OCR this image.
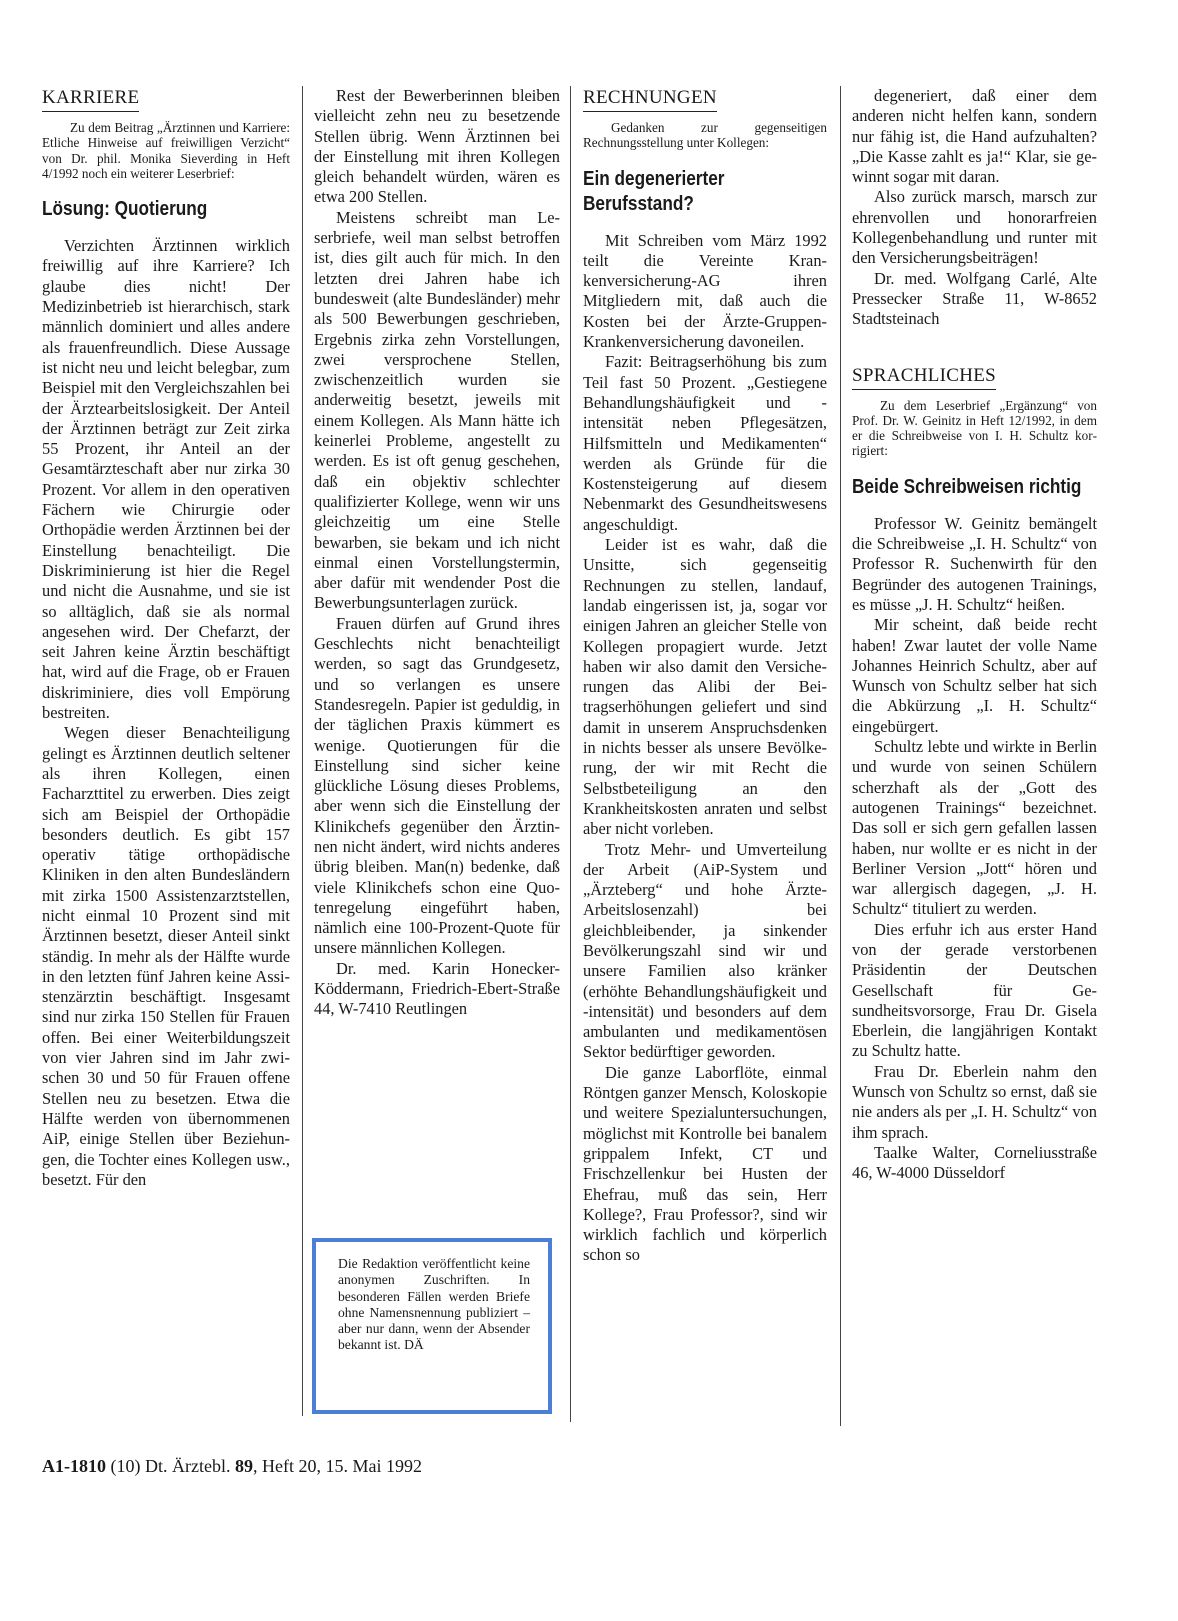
KARRIERE

Zu dem Beitrag „Ärztinnen und Karriere: Etliche Hinweise auf freiwilligen Verzicht“ von Dr. phil. Monika Sieverding in Heft 4/1992 noch ein weiterer Leserbrief:

Lösung: Quotierung

Verzichten Ärztinnen wirklich freiwillig auf ihre Karriere? Ich glaube dies nicht! Der Medizinbetrieb ist hierarchisch, stark männlich dominiert und alles andere als frauenfreundlich. Diese Aussage ist nicht neu und leicht belegbar, zum Beispiel mit den Vergleichszahlen bei der Ärztearbeitslosigkeit. Der Anteil der Ärztinnen beträgt zur Zeit zirka 55 Prozent, ihr Anteil an der Gesamtärzteschaft aber nur zirka 30 Prozent. Vor allem in den operativen Fächern wie Chirurgie oder Orthopädie werden Ärztinnen bei der Einstellung benachteiligt. Die Diskriminierung ist hier die Regel und nicht die Ausnahme, und sie ist so alltäglich, daß sie als normal angesehen wird. Der Chefarzt, der seit Jahren keine Ärztin beschäftigt hat, wird auf die Frage, ob er Frauen diskriminiere, dies voll Empörung bestreiten.

Wegen dieser Benachteiligung gelingt es Ärztinnen deutlich seltener als ihren Kollegen, einen Facharzttitel zu erwerben. Dies zeigt sich am Beispiel der Orthopädie besonders deutlich. Es gibt 157 operativ tätige orthopädische Kliniken in den alten Bundesländern mit zirka 1500 Assistenzarztstellen, nicht einmal 10 Prozent sind mit Ärztinnen besetzt, dieser Anteil sinkt ständig. In mehr als der Hälfte wurde in den letzten fünf Jahren keine Assistenzärztin beschäftigt. Insgesamt sind nur zirka 150 Stellen für Frauen offen. Bei einer Weiterbildungszeit von vier Jahren sind im Jahr zwischen 30 und 50 für Frauen offene Stellen neu zu besetzen. Etwa die Hälfte werden von übernommenen AiP, einige Stellen über Beziehungen, die Tochter eines Kollegen usw., besetzt. Für den

Rest der Bewerberinnen bleiben vielleicht zehn neu zu besetzende Stellen übrig. Wenn Ärztinnen bei der Einstellung mit ihren Kollegen gleich behandelt würden, wären es etwa 200 Stellen.

Meistens schreibt man Leserbriefe, weil man selbst betroffen ist, dies gilt auch für mich. In den letzten drei Jahren habe ich bundesweit (alte Bundesländer) mehr als 500 Bewerbungen geschrieben, Ergebnis zirka zehn Vorstellungen, zwei versprochene Stellen, zwischenzeitlich wurden sie anderweitig besetzt, jeweils mit einem Kollegen. Als Mann hätte ich keinerlei Probleme, angestellt zu werden. Es ist oft genug geschehen, daß ein objektiv schlechter qualifizierter Kollege, wenn wir uns gleichzeitig um eine Stelle bewarben, sie bekam und ich nicht einmal einen Vorstellungstermin, aber dafür mit wendender Post die Bewerbungsunterlagen zurück.

Frauen dürfen auf Grund ihres Geschlechts nicht benachteiligt werden, so sagt das Grundgesetz, und so verlangen es unsere Standesregeln. Papier ist geduldig, in der täglichen Praxis kümmert es wenige. Quotierungen für die Einstellung sind sicher keine glückliche Lösung dieses Problems, aber wenn sich die Einstellung der Klinikchefs gegenüber den Ärztinnen nicht ändert, wird nichts anderes übrig bleiben. Man(n) bedenke, daß viele Klinikchefs schon eine Quotenregelung eingeführt haben, nämlich eine 100-Prozent-Quote für unsere männlichen Kollegen.

Dr. med. Karin Honecker-Köddermann, Friedrich-Ebert-Straße 44, W-7410 Reutlingen

Die Redaktion veröffentlicht keine anonymen Zuschriften. In besonderen Fällen werden Briefe ohne Namensnennung publiziert – aber nur dann, wenn der Absender bekannt ist. DÄ

RECHNUNGEN

Gedanken zur gegenseitigen Rechnungsstellung unter Kollegen:

Ein degenerierter Berufsstand?

Mit Schreiben vom März 1992 teilt die Vereinte Krankenversicherung-AG ihren Mitgliedern mit, daß auch die Kosten bei der Ärzte-Gruppen-Krankenversicherung davoneilen.

Fazit: Beitragserhöhung bis zum Teil fast 50 Prozent. „Gestiegene Behandlungshäufigkeit und -intensität neben Pflegesätzen, Hilfsmitteln und Medikamenten“ werden als Gründe für die Kostensteigerung auf diesem Nebenmarkt des Gesundheitswesens angeschuldigt.

Leider ist es wahr, daß die Unsitte, sich gegenseitig Rechnungen zu stellen, landauf, landab eingerissen ist, ja, sogar vor einigen Jahren an gleicher Stelle von Kollegen propagiert wurde. Jetzt haben wir also damit den Versicherungen das Alibi der Beitragserhöhungen geliefert und sind damit in unserem Anspruchsdenken in nichts besser als unsere Bevölkerung, der wir mit Recht die Selbstbeteiligung an den Krankheitskosten anraten und selbst aber nicht vorleben.

Trotz Mehr- und Umverteilung der Arbeit (AiP-System und „Ärzteberg“ und hohe Ärzte-Arbeitslosenzahl) bei gleichbleibender, ja sinkender Bevölkerungszahl sind wir und unsere Familien also kränker (erhöhte Behandlungshäufigkeit und -intensität) und besonders auf dem ambulanten und medikamentösen Sektor bedürftiger geworden.

Die ganze Laborflöte, einmal Röntgen ganzer Mensch, Koloskopie und weitere Spezialuntersuchungen, möglichst mit Kontrolle bei banalem grippalem Infekt, CT und Frischzellenkur bei Husten der Ehefrau, muß das sein, Herr Kollege?, Frau Professor?, sind wir wirklich fachlich und körperlich schon so

degeneriert, daß einer dem anderen nicht helfen kann, sondern nur fähig ist, die Hand aufzuhalten? „Die Kasse zahlt es ja!“ Klar, sie gewinnt sogar mit daran.

Also zurück marsch, marsch zur ehrenvollen und honorarfreien Kollegenbehandlung und runter mit den Versicherungsbeiträgen!

Dr. med. Wolfgang Carlé, Alte Pressecker Straße 11, W-8652 Stadtsteinach

SPRACHLICHES

Zu dem Leserbrief „Ergänzung“ von Prof. Dr. W. Geinitz in Heft 12/1992, in dem er die Schreibweise von I. H. Schultz korrigiert:

Beide Schreibweisen richtig

Professor W. Geinitz bemängelt die Schreibweise „I. H. Schultz“ von Professor R. Suchenwirth für den Begründer des autogenen Trainings, es müsse „J. H. Schultz“ heißen.

Mir scheint, daß beide recht haben! Zwar lautet der volle Name Johannes Heinrich Schultz, aber auf Wunsch von Schultz selber hat sich die Abkürzung „I. H. Schultz“ eingebürgert.

Schultz lebte und wirkte in Berlin und wurde von seinen Schülern scherzhaft als der „Gott des autogenen Trainings“ bezeichnet. Das soll er sich gern gefallen lassen haben, nur wollte er es nicht in der Berliner Version „Jott“ hören und war allergisch dagegen, „J. H. Schultz“ tituliert zu werden.

Dies erfuhr ich aus erster Hand von der gerade verstorbenen Präsidentin der Deutschen Gesellschaft für Gesundheitsvorsorge, Frau Dr. Gisela Eberlein, die langjährigen Kontakt zu Schultz hatte.

Frau Dr. Eberlein nahm den Wunsch von Schultz so ernst, daß sie nie anders als per „I. H. Schultz“ von ihm sprach.

Taalke Walter, Corneliusstraße 46, W-4000 Düsseldorf

A1-1810 (10) Dt. Ärztebl. 89, Heft 20, 15. Mai 1992
